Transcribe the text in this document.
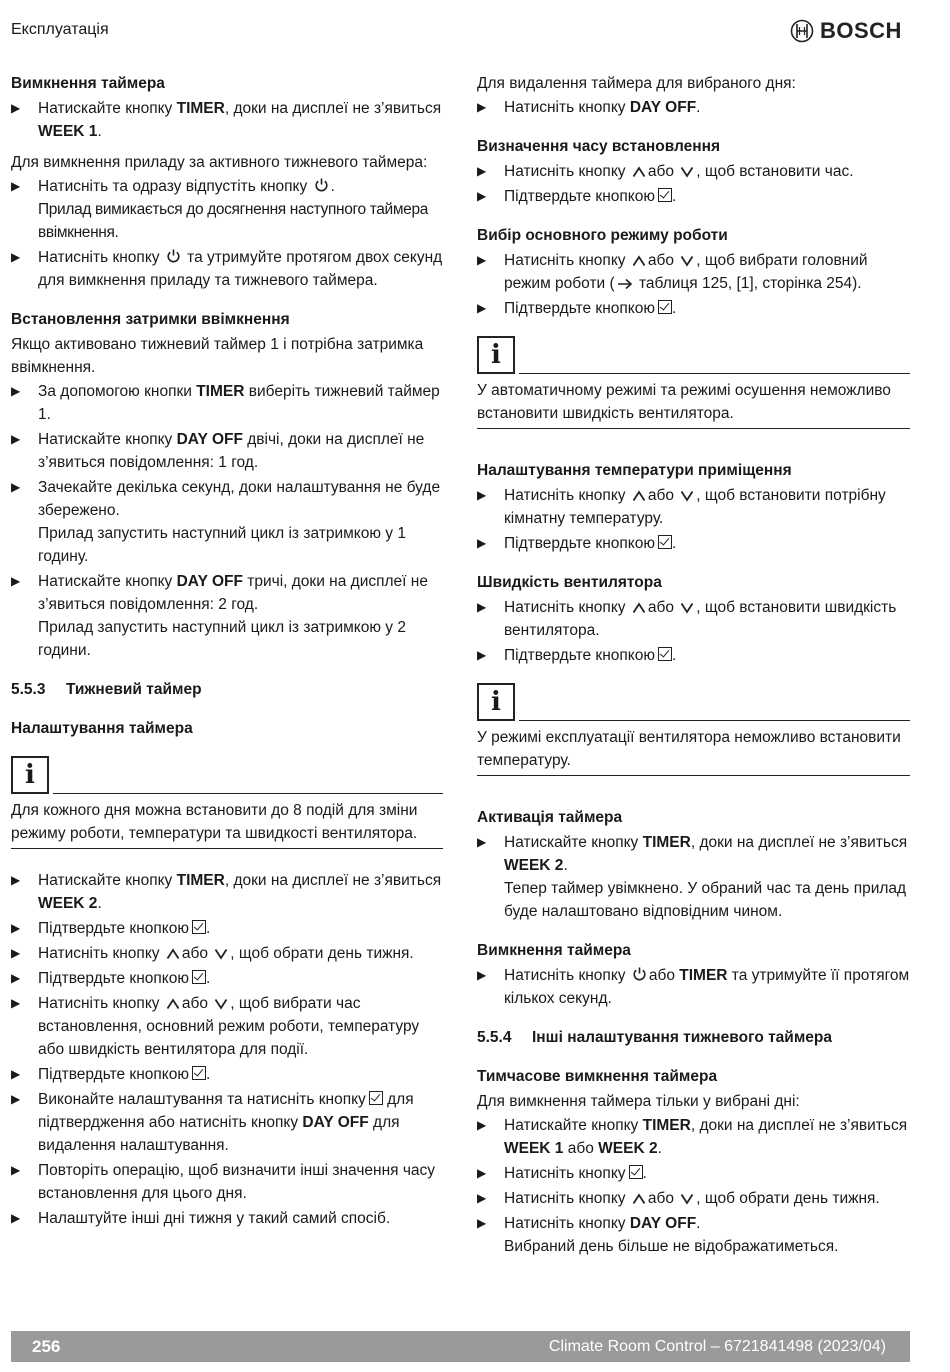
Експлуатація	BOSCH
Вимкнення таймера
▶	Натискайте кнопку TIMER, доки на дисплеї не з’явиться WEEK 1.

Для вимкнення приладу за активного тижневого таймера:

▶	Натисніть та одразу відпустіть кнопку .
Прилад вимикається до досягнення наступного таймера ввімкнення.
▶	Натисніть кнопку  та утримуйте протягом двох секунд для вимкнення приладу та тижневого таймера.
Встановлення затримки ввімкнення

Якщо активовано тижневий таймер 1 і потрібна затримка ввімкнення.

▶	За допомогою кнопки TIMER виберіть тижневий таймер 1.
▶	Натискайте кнопку DAY OFF двічі, доки на дисплеї не з’явиться повідомлення: 1 год.
▶	Зачекайте декілька секунд, доки налаштування не буде збережено.
Прилад запустить наступний цикл із затримкою у 1 годину.
▶	Натискайте кнопку DAY OFF тричі, доки на дисплеї не з’явиться повідомлення: 2 год.
Прилад запустить наступний цикл із затримкою у 2 години.
5.5.3 Тижневий таймер
Налаштування таймера
i
Для кожного дня можна встановити до 8 подій для зміни режиму роботи, температури та швидкості вентилятора.
▶	Натискайте кнопку TIMER, доки на дисплеї не з’явиться WEEK 2.
▶	Підтвердьте кнопкою .
▶	Натисніть кнопку або , щоб обрати день тижня.
▶	Підтвердьте кнопкою .
▶	Натисніть кнопку або , щоб вибрати час встановлення, основний режим роботи, температуру або швидкість вентилятора для події.
▶	Підтвердьте кнопкою .
▶	Виконайте налаштування та натисніть кнопку для підтвердження або натисніть кнопку DAY OFF для видалення налаштування.
▶	Повторіть операцію, щоб визначити інші значення часу встановлення для цього дня.
▶	Налаштуйте інші дні тижня у такий самий спосіб.

Для видалення таймера для вибраного дня:

▶	Натисніть кнопку DAY OFF.
Визначення часу встановлення
▶	Натисніть кнопку або , щоб встановити час.
▶	Підтвердьте кнопкою .
Вибір основного режиму роботи
▶	Натисніть кнопку або , щоб вибрати головний режим роботи ( таблиця 125, [1], сторінка 254).
▶	Підтвердьте кнопкою .
i
У автоматичному режимі та режимі осушення неможливо встановити швидкість вентилятора.
Налаштування температури приміщення
▶	Натисніть кнопку або , щоб встановити потрібну кімнатну температуру.
▶	Підтвердьте кнопкою .
Швидкість вентилятора
▶	Натисніть кнопку або , щоб встановити швидкість вентилятора.
▶	Підтвердьте кнопкою .
i
У режимі експлуатації вентилятора неможливо встановити температуру.
Активація таймера
▶	Натискайте кнопку TIMER, доки на дисплеї не з’явиться WEEK 2.
Тепер таймер увімкнено. У обраний час та день прилад буде налаштовано відповідним чином.
Вимкнення таймера
▶	Натисніть кнопку або TIMER та утримуйте її протягом кількох секунд.
5.5.4 Інші налаштування тижневого таймера
Тимчасове вимкнення таймера

Для вимкнення таймера тільки у вибрані дні:

▶	Натискайте кнопку TIMER, доки на дисплеї не з’явиться WEEK 1 або WEEK 2.
▶	Натисніть кнопку .
▶	Натисніть кнопку або , щоб обрати день тижня.
▶	Натисніть кнопку DAY OFF.
Вибраний день більше не відображатиметься.
256	Climate Room Control – 6721841498 (2023/04)
